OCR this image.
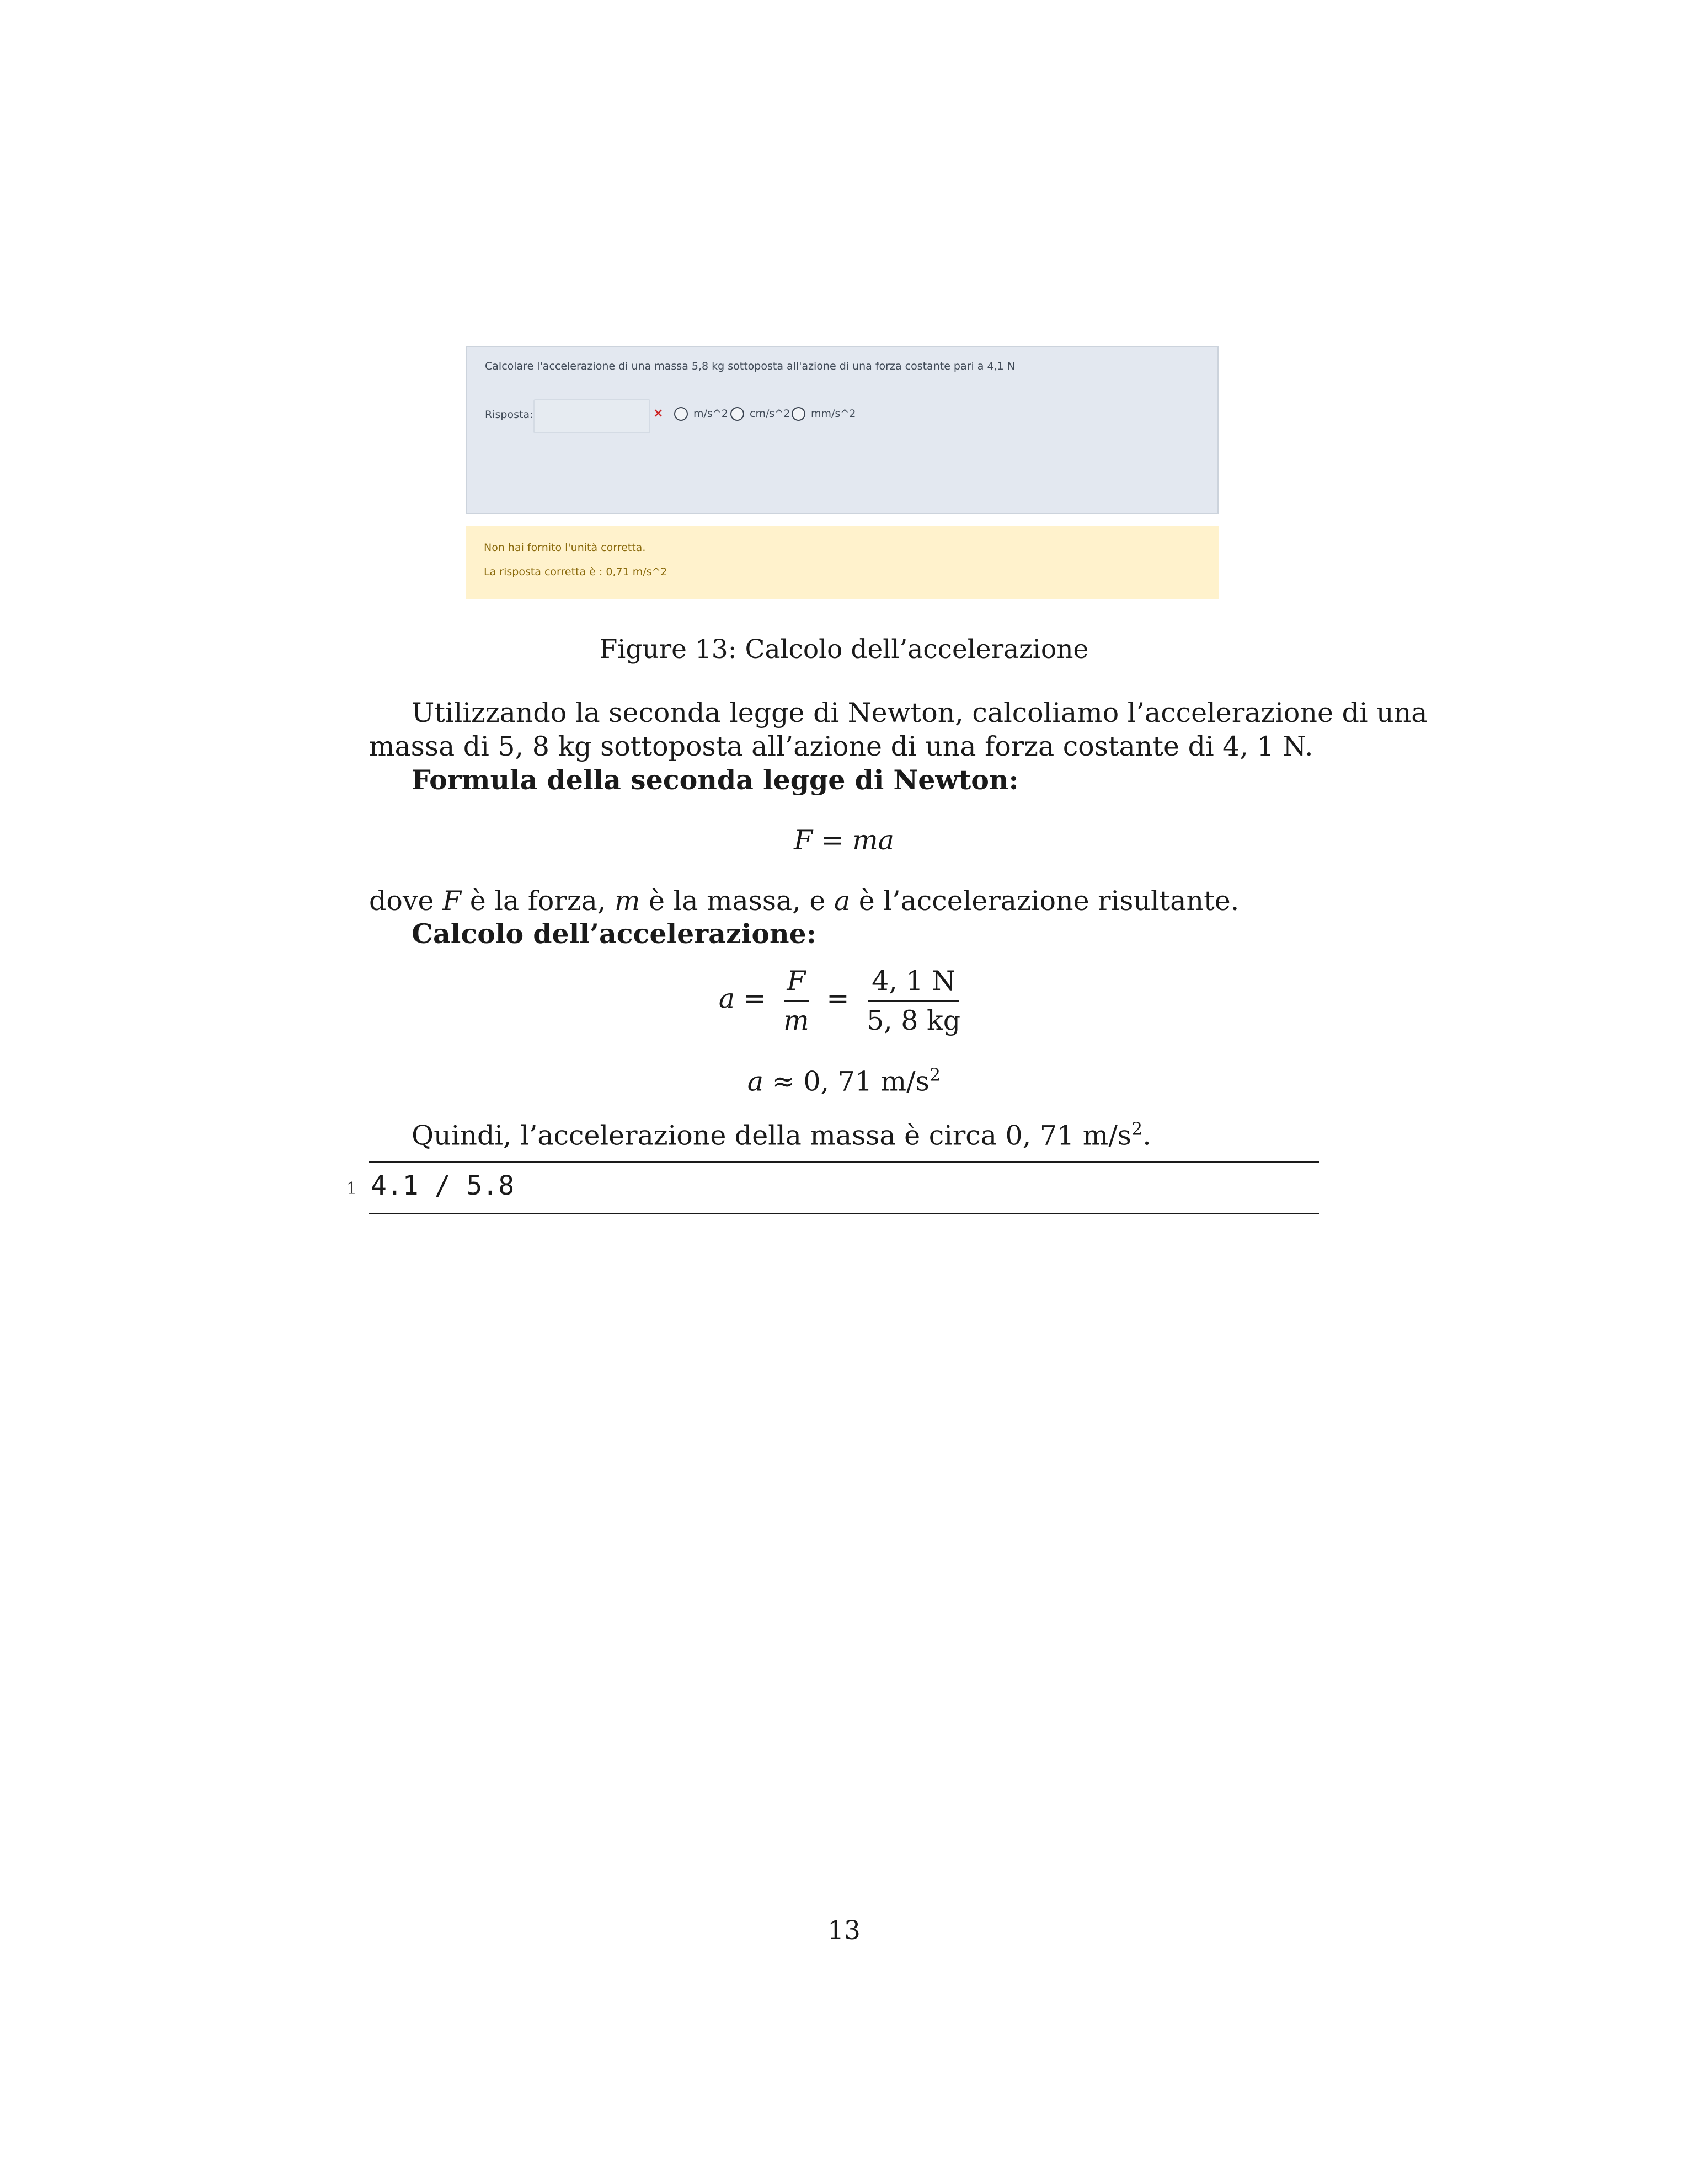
Calcolare l'accelerazione di una massa 5,8 kg sottoposta all'azione di una forza costante pari a 4,1 N
Risposta:	×	m/s^2 cm/s^2 mm/s^2
Non hai fornito l'unità corretta.
La risposta corretta è : 0,71 m/s^2
Figure 13: Calcolo dell’accelerazione
Utilizzando la seconda legge di Newton, calcoliamo l’accelerazione di una
massa di 5, 8 kg sottoposta all’azione di una forza costante di 4, 1 N.
Formula della seconda legge di Newton:
F = ma
dove F è la forza, m è la massa, e a è l’accelerazione risultante.
Calcolo dell’accelerazione:
$a = \frac{F}{m} = \frac{4, 1 N}{5, 8 kg}$
a ≈ 0, 71 $m/s^2$
Quindi, l’accelerazione della massa è circa 0, 71 $m/s^2$.
1 4.1 / 5.8
13
